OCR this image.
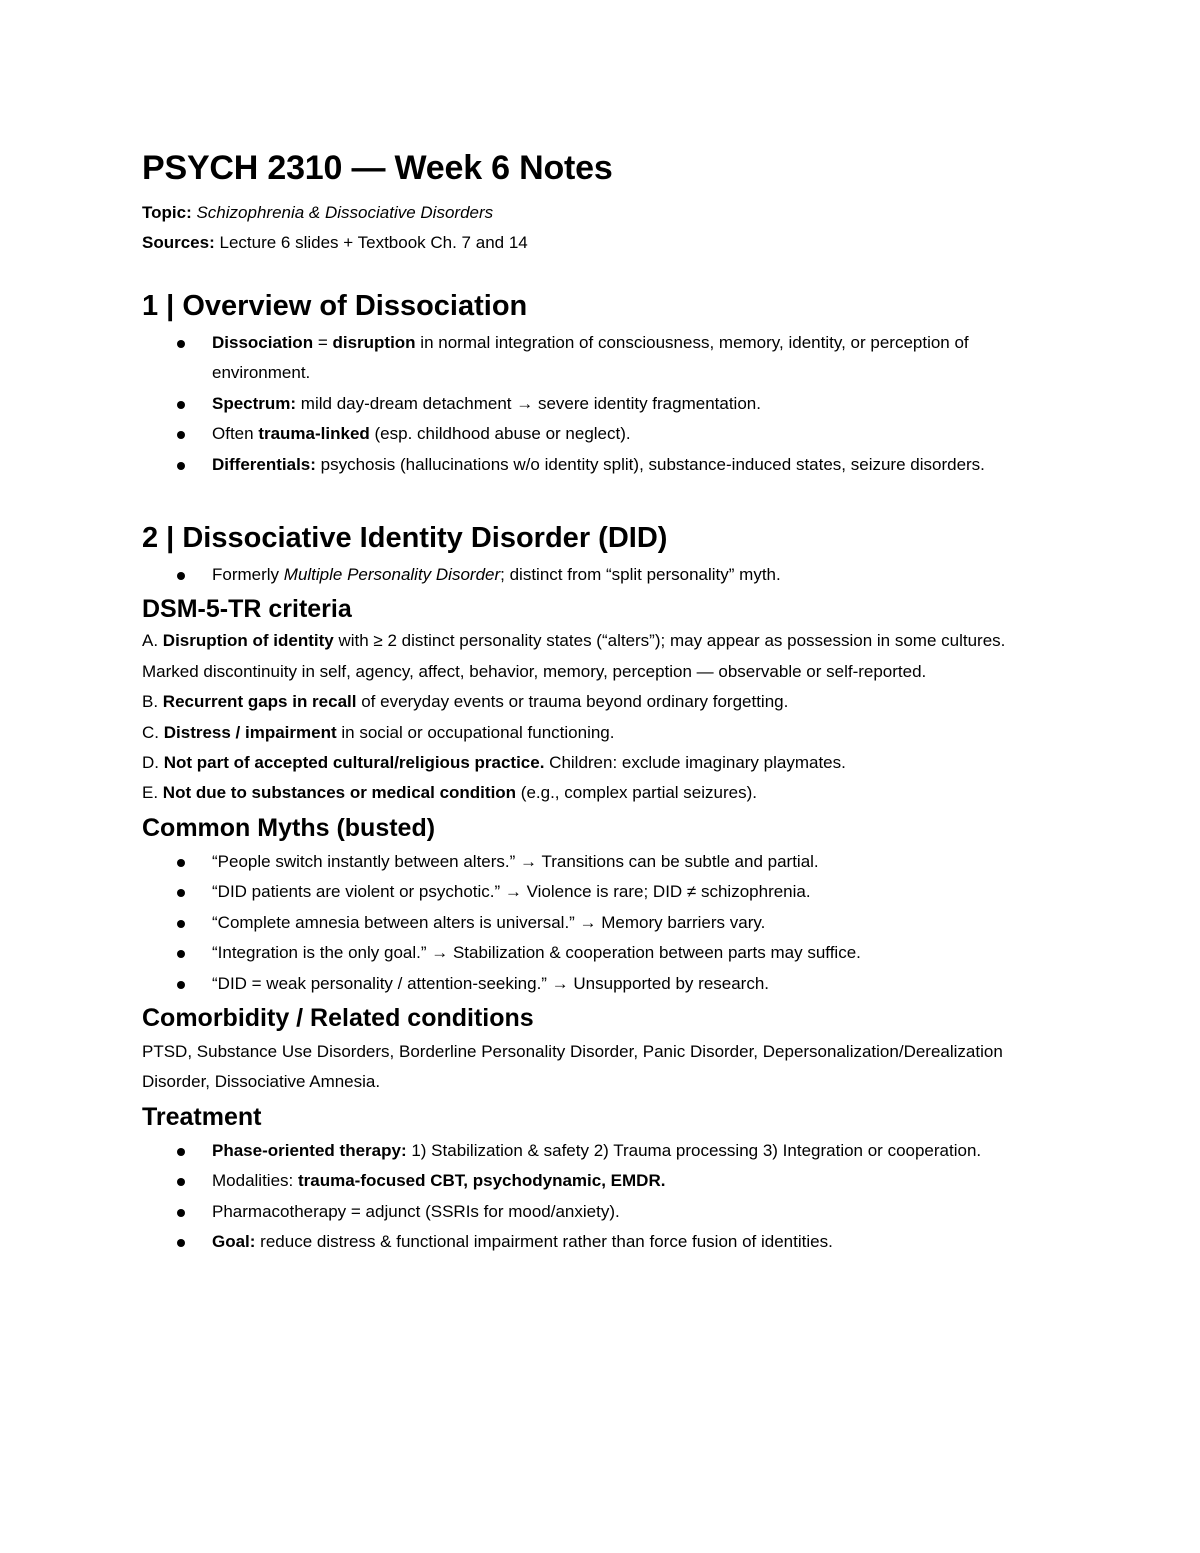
PSYCH 2310 — Week 6 Notes
Topic: Schizophrenia & Dissociative Disorders
Sources: Lecture 6 slides + Textbook Ch. 7 and 14
1 | Overview of Dissociation
Dissociation = disruption in normal integration of consciousness, memory, identity, or perception of environment.
Spectrum: mild day-dream detachment → severe identity fragmentation.
Often trauma-linked (esp. childhood abuse or neglect).
Differentials: psychosis (hallucinations w/o identity split), substance-induced states, seizure disorders.
2 | Dissociative Identity Disorder (DID)
Formerly Multiple Personality Disorder; distinct from “split personality” myth.
DSM-5-TR criteria
A. Disruption of identity with ≥ 2 distinct personality states (“alters”); may appear as possession in some cultures. Marked discontinuity in self, agency, affect, behavior, memory, perception — observable or self-reported.
B. Recurrent gaps in recall of everyday events or trauma beyond ordinary forgetting.
C. Distress / impairment in social or occupational functioning.
D. Not part of accepted cultural/religious practice. Children: exclude imaginary playmates.
E. Not due to substances or medical condition (e.g., complex partial seizures).
Common Myths (busted)
“People switch instantly between alters.” → Transitions can be subtle and partial.
“DID patients are violent or psychotic.” → Violence is rare; DID ≠ schizophrenia.
“Complete amnesia between alters is universal.” → Memory barriers vary.
“Integration is the only goal.” → Stabilization & cooperation between parts may suffice.
“DID = weak personality / attention-seeking.” → Unsupported by research.
Comorbidity / Related conditions

PTSD, Substance Use Disorders, Borderline Personality Disorder, Panic Disorder, Depersonalization/Derealization Disorder, Dissociative Amnesia.

Treatment
Phase-oriented therapy: 1) Stabilization & safety 2) Trauma processing 3) Integration or cooperation.
Modalities: trauma-focused CBT, psychodynamic, EMDR.
Pharmacotherapy = adjunct (SSRIs for mood/anxiety).
Goal: reduce distress & functional impairment rather than force fusion of identities.
